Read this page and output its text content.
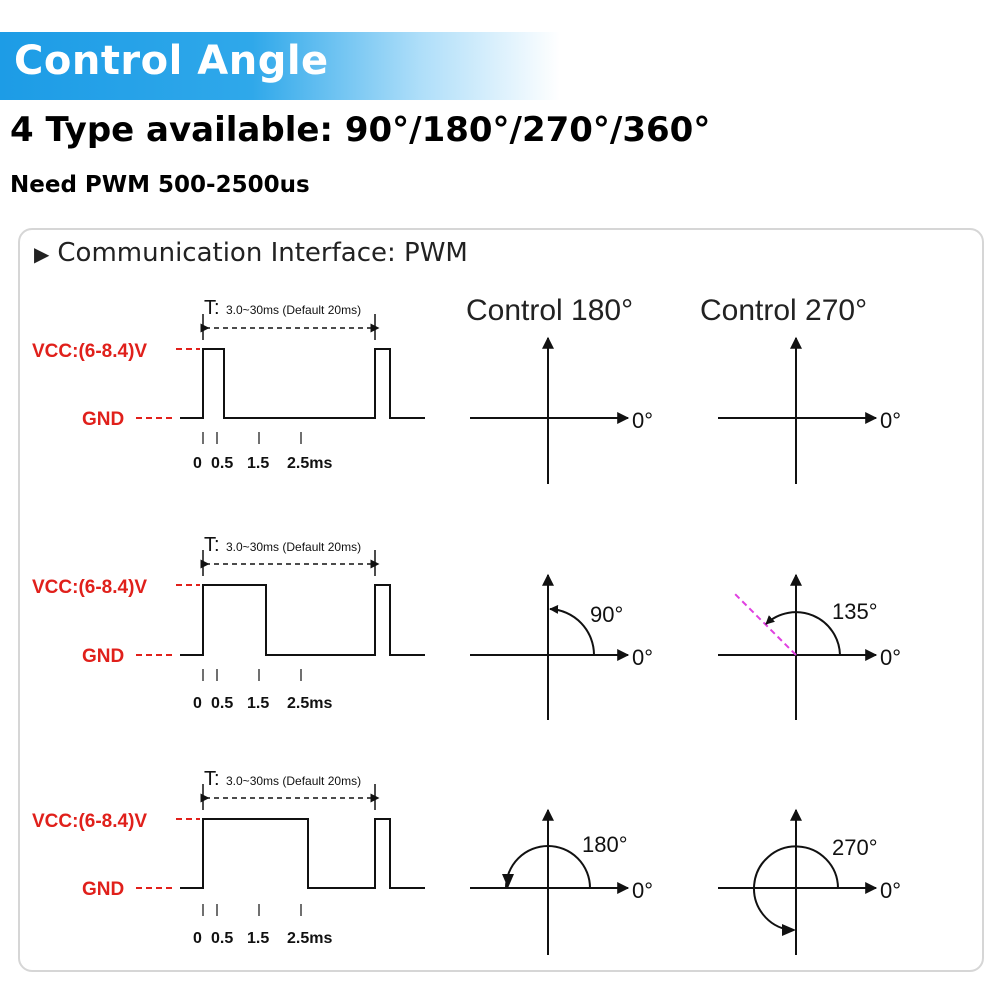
Control Angle
4 Type available: 90°/180°/270°/360°
Need PWM 500-2500us
▶ Communication Interface: PWM
Control 180° Control 270°
VCC:(6-8.4)V
GND
T: 3.0~30ms (Default 20ms)
0 0.5 1.5 2.5ms
0°	0°
VCC:(6-8.4)V
GND
T: 3.0~30ms (Default 20ms)
0 0.5 1.5 2.5ms
90°
0°
135°
0°
VCC:(6-8.4)V
GND
T: 3.0~30ms (Default 20ms)
0 0.5 1.5 2.5ms
180°
0°
270°
0°
